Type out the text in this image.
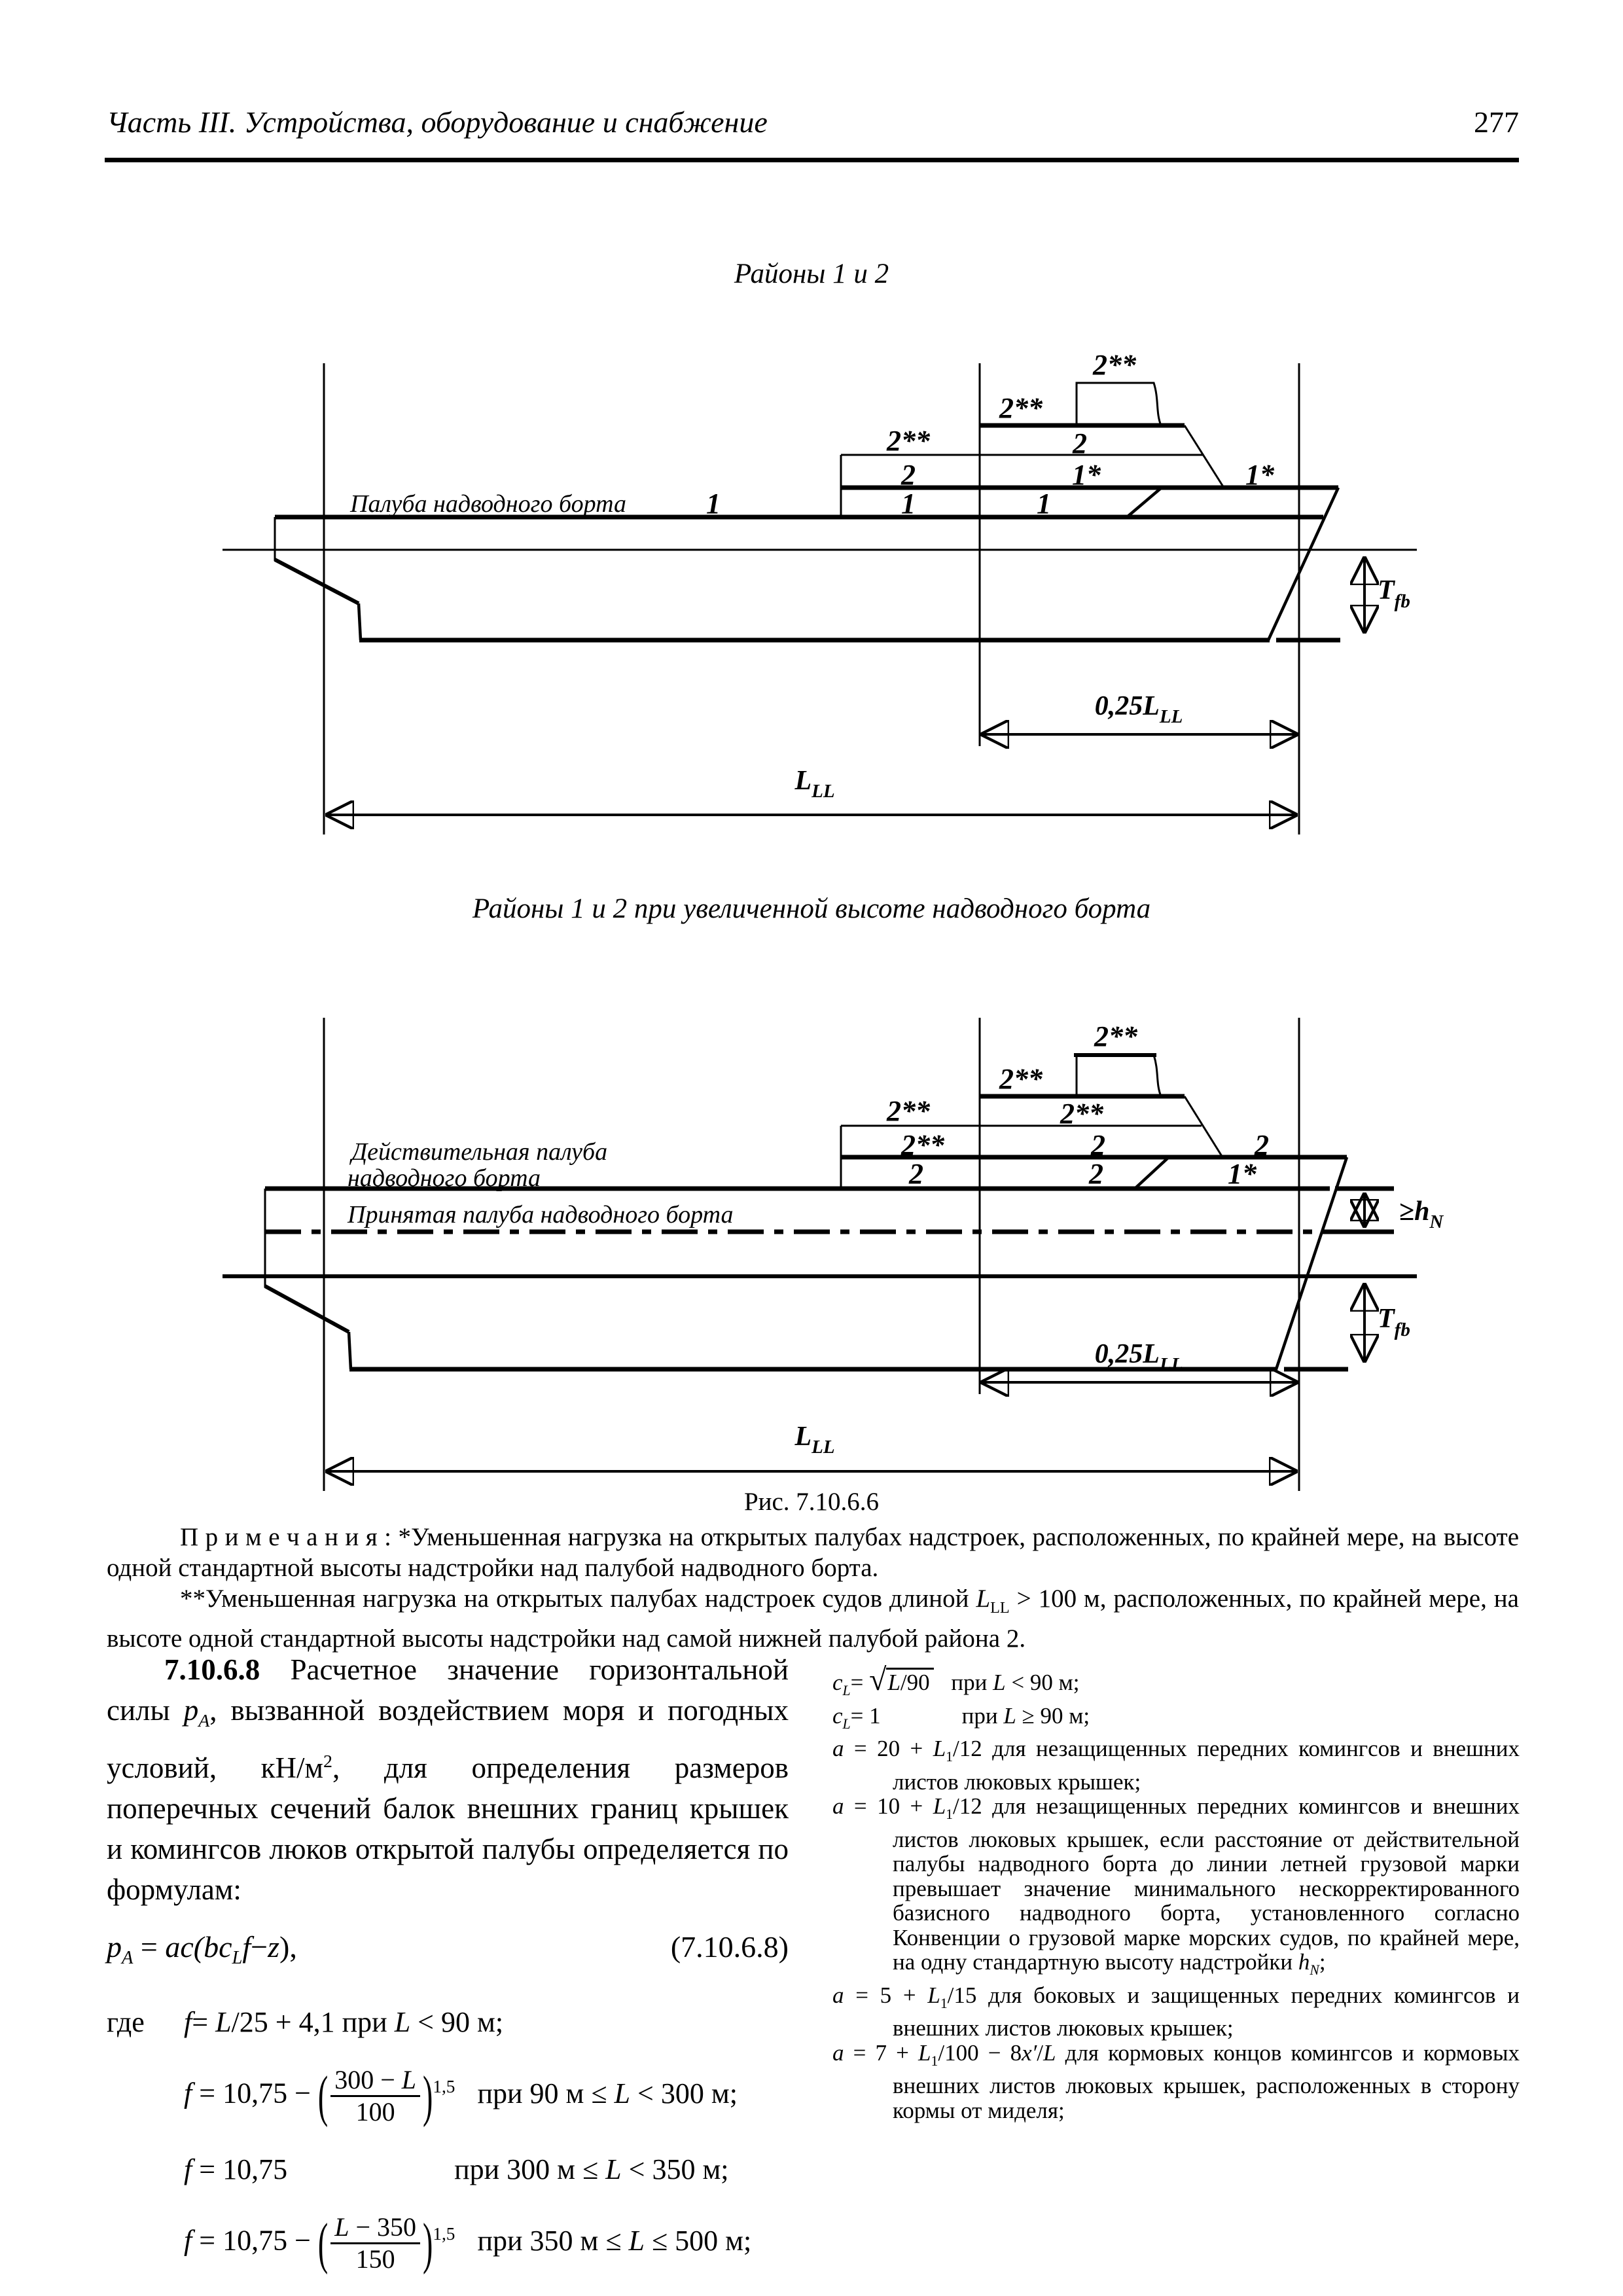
Часть III. Устройства, оборудование и снабжение	277
Районы 1 и 2
2**
2**
2
2**
2	1*	1*
Палуба надводного борта	1	1	1
$T_{fb}$
$0,25L_{LL}$
$L_{LL}$
Районы 1 и 2 при увеличенной высоте надводного борта
2**
2**
2**
2**
2**	2	2
2	2	1*
Действительная палуба
надводного борта
Принятая палуба надводного борта	$\ge h_N$
$T_{fb}$
$0,25L_{LL}$
$L_{LL}$
Рис. 7.10.6.6

П р и м е ч а н и я : *Уменьшенная нагрузка на открытых палубах надстроек, расположенных, по крайней мере, на высоте одной стандартной высоты надстройки над палубой надводного борта.

**Уменьшенная нагрузка на открытых палубах надстроек судов длиной $L_{LL} > 100$ м, расположенных, по крайней мере, на высоте одной стандартной высоты надстройки над самой нижней палубой района 2.

7.10.6.8 Расчетное значение горизонтальной силы $p_A$, вызванной воздействием моря и погодных условий, $кН/м^2$, для определения размеров поперечных сечений балок внешних границ крышек и комингсов люков открытой палубы определяется по формулам:

$p_A = ac(bc_Lf-z)$,	(7.10.6.8)
где	f= L/25 + 4,1 при L < 90 м;
f = 10,75 − ( $\frac{300 - L}{100} )^{1,5}$ при 90 м ≤ L < 300 м;
f = 10,75	при 300 м ≤ L < 350 м;
f = 10,75 − ( $\frac{L - 350}{150} )^{1,5}$ при 350 м ≤ L ≤ 500 м;

$c_L= √L/90$ при L < 90 м;

$c_L= 1$	при L ≥ 90 м;

$a = 20 + L_1/12$ для незащищенных передних комингсов и внешних листов люковых крышек;

$a = 10 + L_1/12$ для незащищенных передних комингсов и внешних листов люковых крышек, если расстояние от действительной палубы надводного борта до линии летней грузовой марки превышает значение минимального нескорректированного базисного надводного борта, установленного согласно Конвенции о грузовой марке морских судов, по крайней мере, на одну стандартную высоту надстройки $h_N$;

$a = 5 + L_1/15$ для боковых и защищенных передних комингсов и внешних листов люковых крышек;

$a = 7 + L_1/100 - 8x'/L$ для кормовых концов комингсов и кормовых внешних листов люковых крышек, расположенных в сторону кормы от миделя;
